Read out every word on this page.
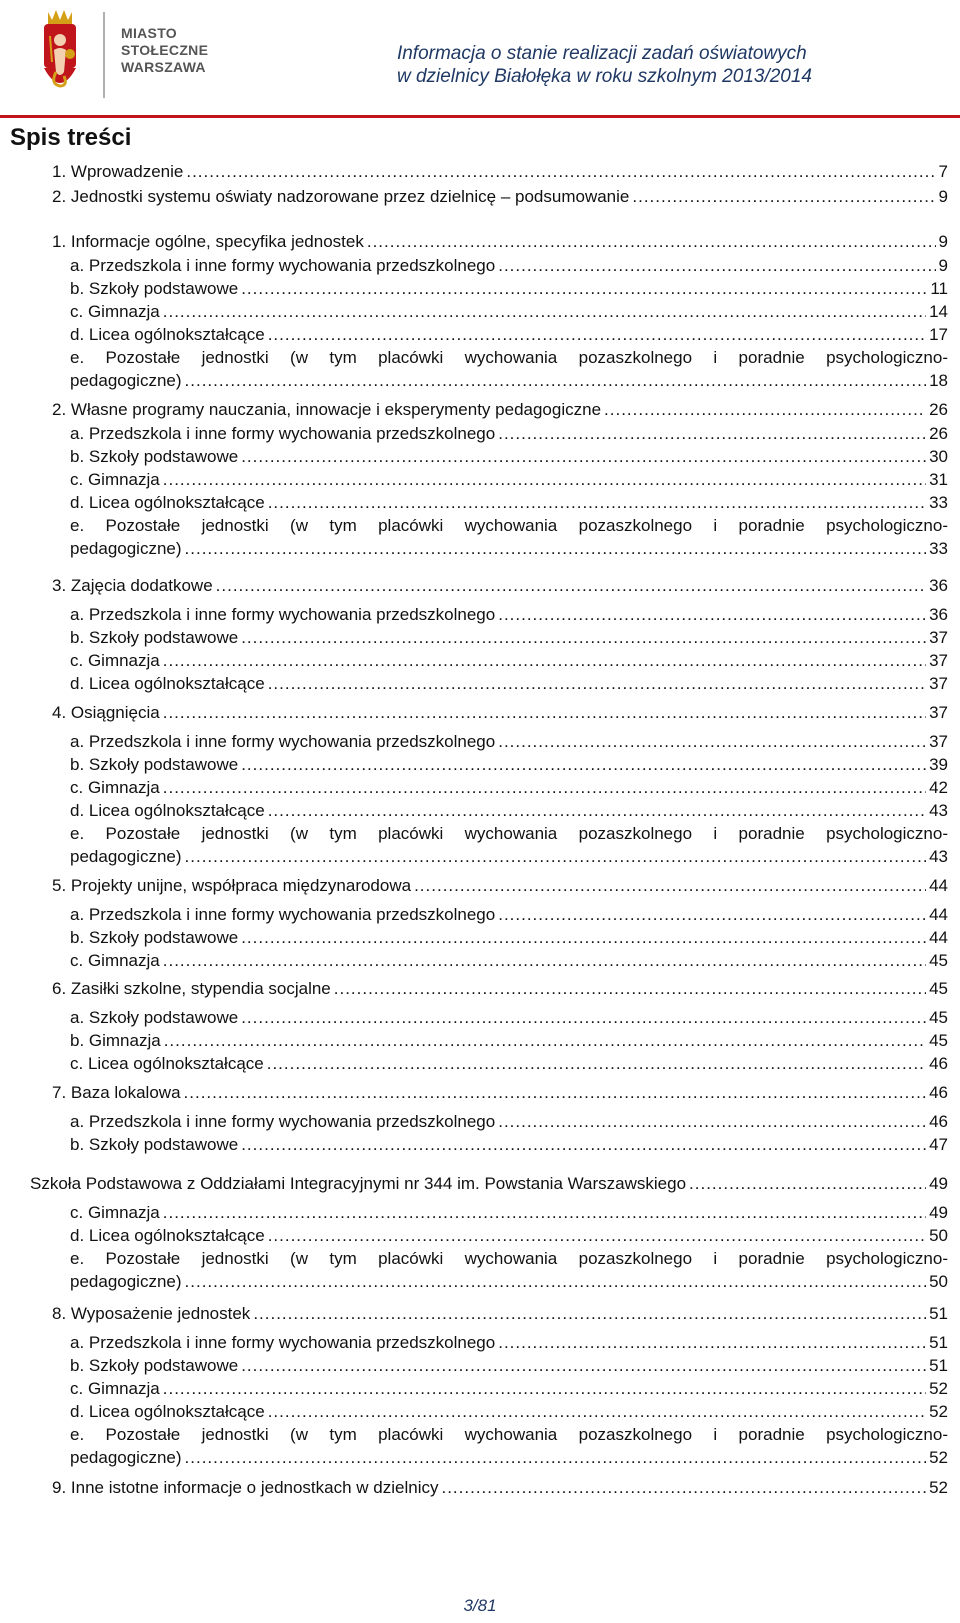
MIASTO
STOŁECZNE
WARSZAWA
Informacja o stanie realizacji zadań oświatowych
w dzielnicy Białołęka w roku szkolnym 2013/2014
Spis treści
1. Wprowadzenie .....	7
2. Jednostki systemu oświaty nadzorowane przez dzielnicę – podsumowanie .....	9
1. Informacje ogólne, specyfika jednostek .....	9
a. Przedszkola i inne formy wychowania przedszkolnego .....	9
b. Szkoły podstawowe .....	11
c. Gimnazja .....	14
d. Licea ogólnokształcące .....	17
e. Pozostałe jednostki (w tym placówki wychowania pozaszkolnego i poradnie psychologiczno-
pedagogiczne) .....	18
2. Własne programy nauczania, innowacje i eksperymenty pedagogiczne .....	26
a. Przedszkola i inne formy wychowania przedszkolnego .....	26
b. Szkoły podstawowe .....	30
c. Gimnazja .....	31
d. Licea ogólnokształcące .....	33
e. Pozostałe jednostki (w tym placówki wychowania pozaszkolnego i poradnie psychologiczno-
pedagogiczne) .....	33
3. Zajęcia dodatkowe .....	36
a. Przedszkola i inne formy wychowania przedszkolnego .....	36
b. Szkoły podstawowe .....	37
c. Gimnazja .....	37
d. Licea ogólnokształcące .....	37
4. Osiągnięcia .....	37
a. Przedszkola i inne formy wychowania przedszkolnego .....	37
b. Szkoły podstawowe .....	39
c. Gimnazja .....	42
d. Licea ogólnokształcące .....	43
e. Pozostałe jednostki (w tym placówki wychowania pozaszkolnego i poradnie psychologiczno-
pedagogiczne) .....	43
5. Projekty unijne, współpraca międzynarodowa .....	44
a. Przedszkola i inne formy wychowania przedszkolnego .....	44
b. Szkoły podstawowe .....	44
c. Gimnazja .....	45
6. Zasiłki szkolne, stypendia socjalne .....	45
a. Szkoły podstawowe .....	45
b. Gimnazja .....	45
c. Licea ogólnokształcące .....	46
7. Baza lokalowa .....	46
a. Przedszkola i inne formy wychowania przedszkolnego .....	46
b. Szkoły podstawowe .....	47
Szkoła Podstawowa z Oddziałami Integracyjnymi nr 344 im. Powstania Warszawskiego .....	49
c. Gimnazja .....	49
d. Licea ogólnokształcące .....	50
e. Pozostałe jednostki (w tym placówki wychowania pozaszkolnego i poradnie psychologiczno-
pedagogiczne) .....	50
8. Wyposażenie jednostek .....	51
a. Przedszkola i inne formy wychowania przedszkolnego .....	51
b. Szkoły podstawowe .....	51
c. Gimnazja .....	52
d. Licea ogólnokształcące .....	52
e. Pozostałe jednostki (w tym placówki wychowania pozaszkolnego i poradnie psychologiczno-
pedagogiczne) .....	52
9. Inne istotne informacje o jednostkach w dzielnicy .....	52
3/81
